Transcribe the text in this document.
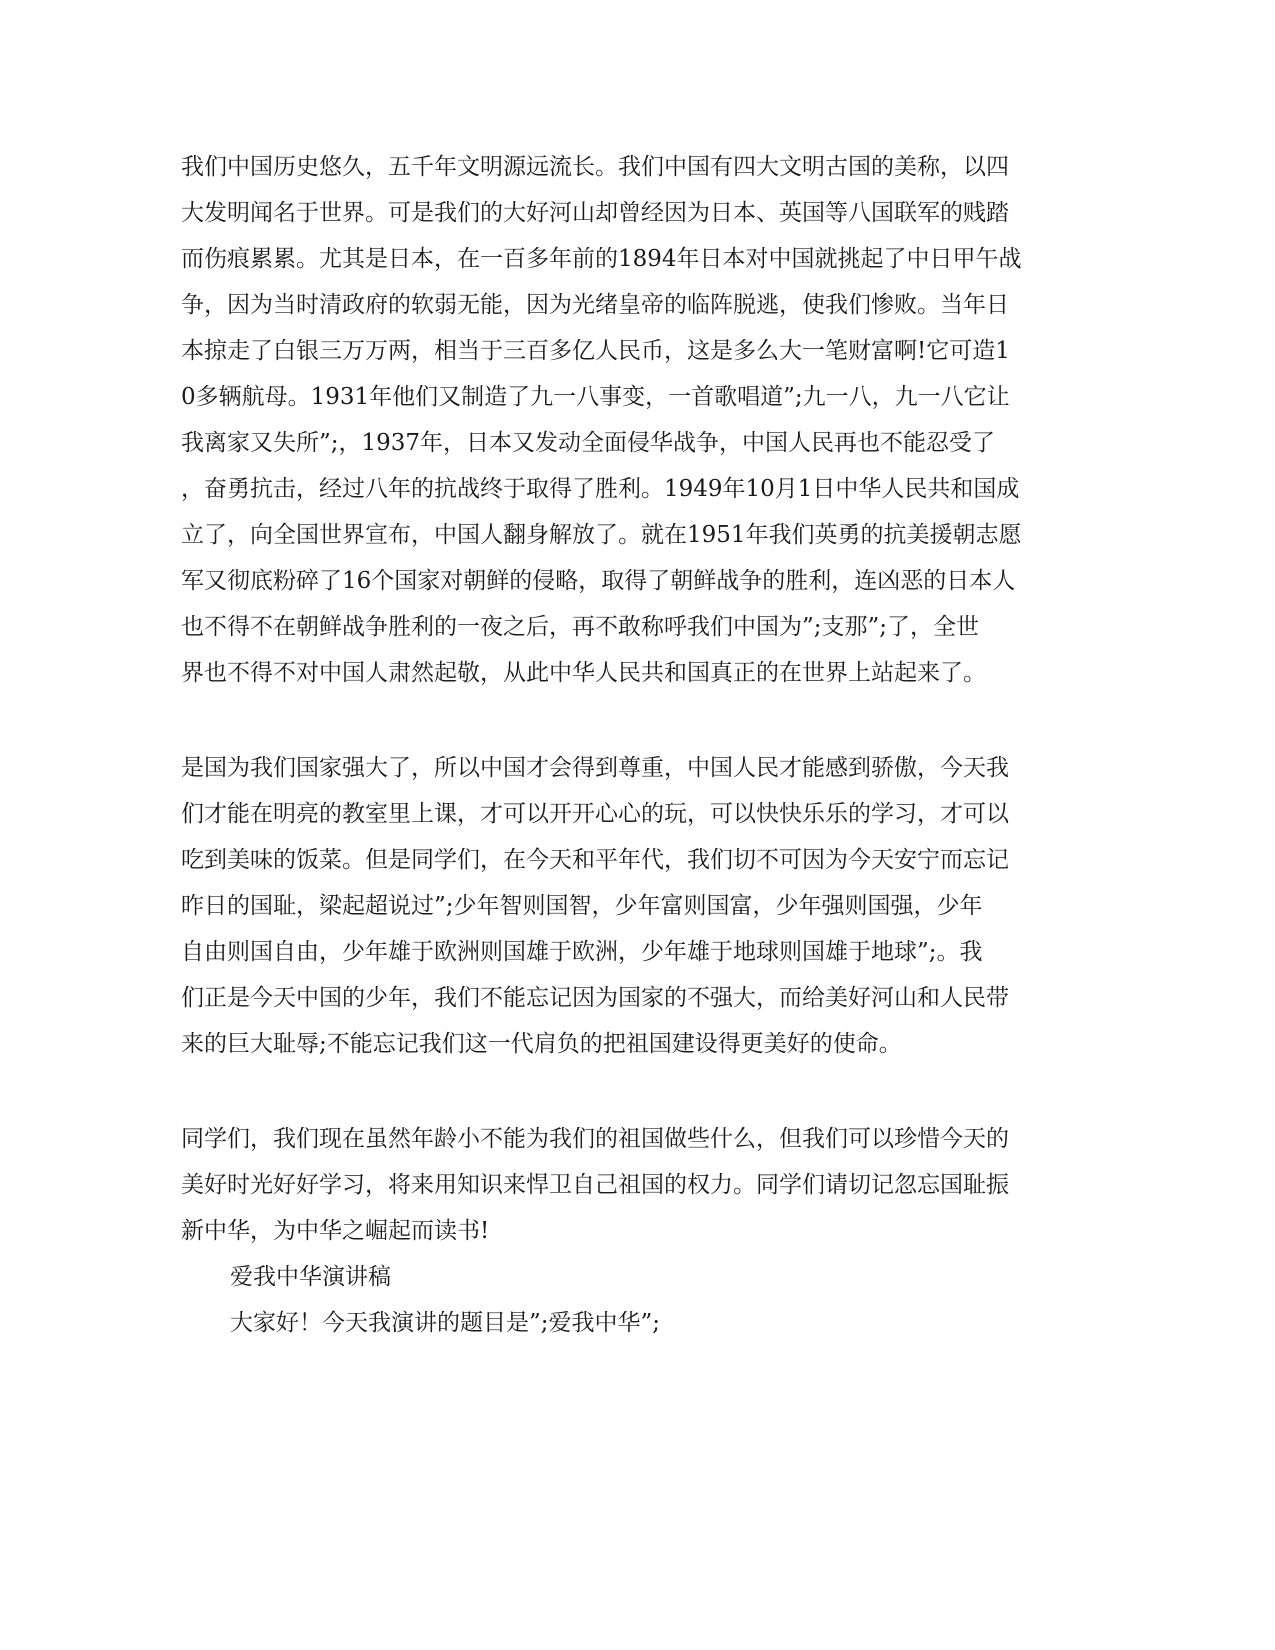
我们中国历史悠久，五千年文明源远流长。我们中国有四大文明古国的美称，以四
大发明闻名于世界。可是我们的大好河山却曾经因为日本、英国等八国联军的贱踏
而伤痕累累。尤其是日本，在一百多年前的1894年日本对中国就挑起了中日甲午战
争，因为当时清政府的软弱无能，因为光绪皇帝的临阵脱逃，使我们惨败。当年日
本掠走了白银三万万两，相当于三百多亿人民币，这是多么大一笔财富啊!它可造1
0多辆航母。1931年他们又制造了九一八事变，一首歌唱道”;九一八，九一八它让
我离家又失所”;，1937年，日本又发动全面侵华战争，中国人民再也不能忍受了
，奋勇抗击，经过八年的抗战终于取得了胜利。1949年10月1日中华人民共和国成
立了，向全国世界宣布，中国人翻身解放了。就在1951年我们英勇的抗美援朝志愿
军又彻底粉碎了16个国家对朝鲜的侵略，取得了朝鲜战争的胜利，连凶恶的日本人
也不得不在朝鲜战争胜利的一夜之后，再不敢称呼我们中国为”;支那”;了，全世
界也不得不对中国人肃然起敬，从此中华人民共和国真正的在世界上站起来了。
是国为我们国家强大了，所以中国才会得到尊重，中国人民才能感到骄傲，今天我
们才能在明亮的教室里上课，才可以开开心心的玩，可以快快乐乐的学习，才可以
吃到美味的饭菜。但是同学们，在今天和平年代，我们切不可因为今天安宁而忘记
昨日的国耻，梁起超说过”;少年智则国智，少年富则国富，少年强则国强，少年
自由则国自由，少年雄于欧洲则国雄于欧洲，少年雄于地球则国雄于地球”;。我
们正是今天中国的少年，我们不能忘记因为国家的不强大，而给美好河山和人民带
来的巨大耻辱;不能忘记我们这一代肩负的把祖国建设得更美好的使命。
同学们，我们现在虽然年龄小不能为我们的祖国做些什么，但我们可以珍惜今天的
美好时光好好学习，将来用知识来悍卫自己祖国的权力。同学们请切记忽忘国耻振
新中华，为中华之崛起而读书!
爱我中华演讲稿
大家好！今天我演讲的题目是”;爱我中华”;
